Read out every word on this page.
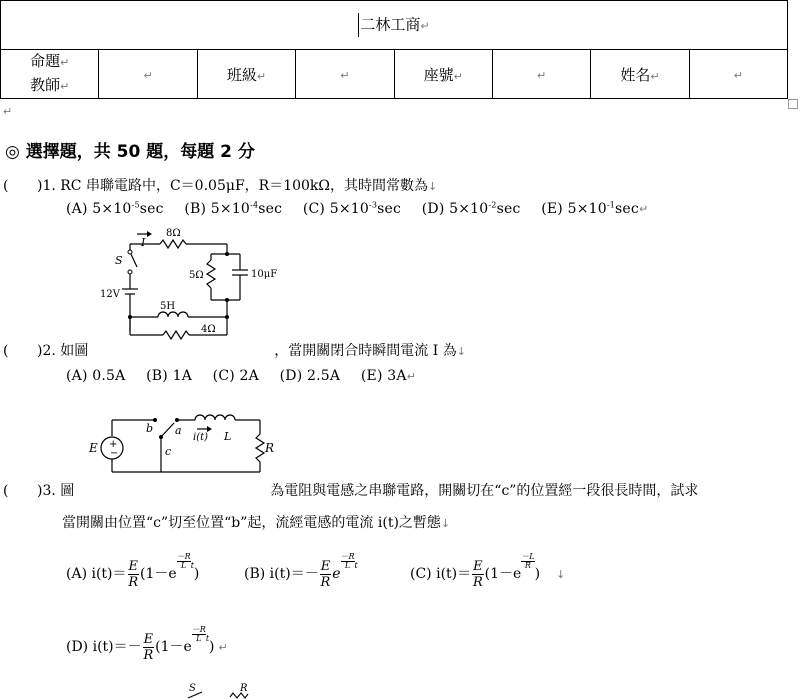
二林工商↵
命題↵
教師↵	↵	班級↵	↵	座號↵	↵	姓名↵	↵
↵
◎ 選擇題，共 50 題，每題 2 分
( )1. RC 串聯電路中，C＝0.05μF，R＝100kΩ，其時間常數為↓
(A) $5\times 10^{-5}\sec$ (B) $5\times 10^{-4}\sec$ (C) $5\times 10^{-3}\sec$ (D) $5\times 10^{-2}\sec$ (E) $5\times 10^{-1}\sec↵$
I
8Ω
S
5Ω	10μF
12V
5H
4Ω
( )2. 如圖	，當開關閉合時瞬間電流 I 為↓
(A) 0.5A (B) 1A (C) 2A (D) 2.5A (E) 3A↵
+
−
E
b a
i(t) L
R
c
( )3. 圖	為電阻與電感之串聯電路，開關切在“c”的位置經一段很長時間，試求
當開關由位置“c”切至位置“b”起，流經電感的電流 i(t)之暫態↓
(A) $i(t)= \frac{E}{R} (1-e$
$\frac{-R}{L}^t$)	(B) $i(t)=- \frac{E}{R}$ e
$\frac{-R}{L}^t$
(C) $i(t)= \frac{E}{R} (1-e$
$\frac{-L}{R}$) ↓
(D) $i(t)=- \frac{E}{R} (1-e$
$\frac{-R}{L}^t$) ↵
S	R
